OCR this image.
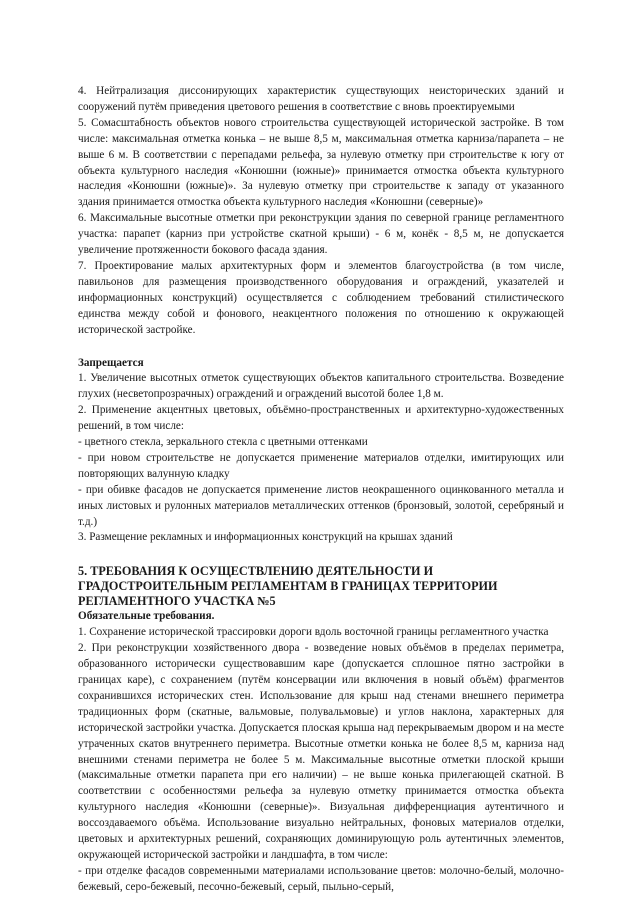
4. Нейтрализация диссонирующих характеристик существующих неисторических зданий и сооружений путём приведения цветового решения в соответствие с вновь проектируемыми

5. Сомасштабность объектов нового строительства существующей исторической застройке. В том числе: максимальная отметка конька – не выше 8,5 м, максимальная отметка карниза/парапета – не выше 6 м. В соответствии с перепадами рельефа, за нулевую отметку при строительстве к югу от объекта культурного наследия «Конюшни (южные)» принимается отмостка объекта культурного наследия «Конюшни (южные)». За нулевую отметку при строительстве к западу от указанного здания принимается отмостка объекта культурного наследия «Конюшни (северные)»

6. Максимальные высотные отметки при реконструкции здания по северной границе регламентного участка: парапет (карниз при устройстве скатной крыши) - 6 м, конёк - 8,5 м, не допускается увеличение протяженности бокового фасада здания.

7. Проектирование малых архитектурных форм и элементов благоустройства (в том числе, павильонов для размещения производственного оборудования и ограждений, указателей и информационных конструкций) осуществляется с соблюдением требований стилистического единства между собой и фонового, неакцентного положения по отношению к окружающей исторической застройке.

Запрещается

1. Увеличение высотных отметок существующих объектов капитального строительства. Возведение глухих (несветопрозрачных) ограждений и ограждений высотой более 1,8 м.

2. Применение акцентных цветовых, объёмно-пространственных и архитектурно-художественных решений, в том числе:

- цветного стекла, зеркального стекла с цветными оттенками

- при новом строительстве не допускается применение материалов отделки, имитирующих или повторяющих валунную кладку

- при обивке фасадов не допускается применение листов неокрашенного оцинкованного металла и иных листовых и рулонных материалов металлических оттенков (бронзовый, золотой, серебряный и т.д.)

3. Размещение рекламных и информационных конструкций на крышах зданий

5. ТРЕБОВАНИЯ К ОСУЩЕСТВЛЕНИЮ ДЕЯТЕЛЬНОСТИ И ГРАДОСТРОИТЕЛЬНЫМ РЕГЛАМЕНТАМ В ГРАНИЦАХ ТЕРРИТОРИИ РЕГЛАМЕНТНОГО УЧАСТКА №5

Обязательные требования.

1. Сохранение исторической трассировки дороги вдоль восточной границы регламентного участка

2. При реконструкции хозяйственного двора - возведение новых объёмов в пределах периметра, образованного исторически существовавшим каре (допускается сплошное пятно застройки в границах каре), с сохранением (путём консервации или включения в новый объём) фрагментов сохранившихся исторических стен. Использование для крыш над стенами внешнего периметра традиционных форм (скатные, вальмовые, полувальмовые) и углов наклона, характерных для исторической застройки участка. Допускается плоская крыша над перекрываемым двором и на месте утраченных скатов внутреннего периметра. Высотные отметки конька не более 8,5 м, карниза над внешними стенами периметра не более 5 м. Максимальные высотные отметки плоской крыши (максимальные отметки парапета при его наличии) – не выше конька прилегающей скатной. В соответствии с особенностями рельефа за нулевую отметку принимается отмостка объекта культурного наследия «Конюшни (северные)». Визуальная дифференциация аутентичного и воссоздаваемого объёма. Использование визуально нейтральных, фоновых материалов отделки, цветовых и архитектурных решений, сохраняющих доминирующую роль аутентичных элементов, окружающей исторической застройки и ландшафта, в том числе:

- при отделке фасадов современными материалами использование цветов: молочно-белый, молочно-бежевый, серо-бежевый, песочно-бежевый, серый, пыльно-серый,
